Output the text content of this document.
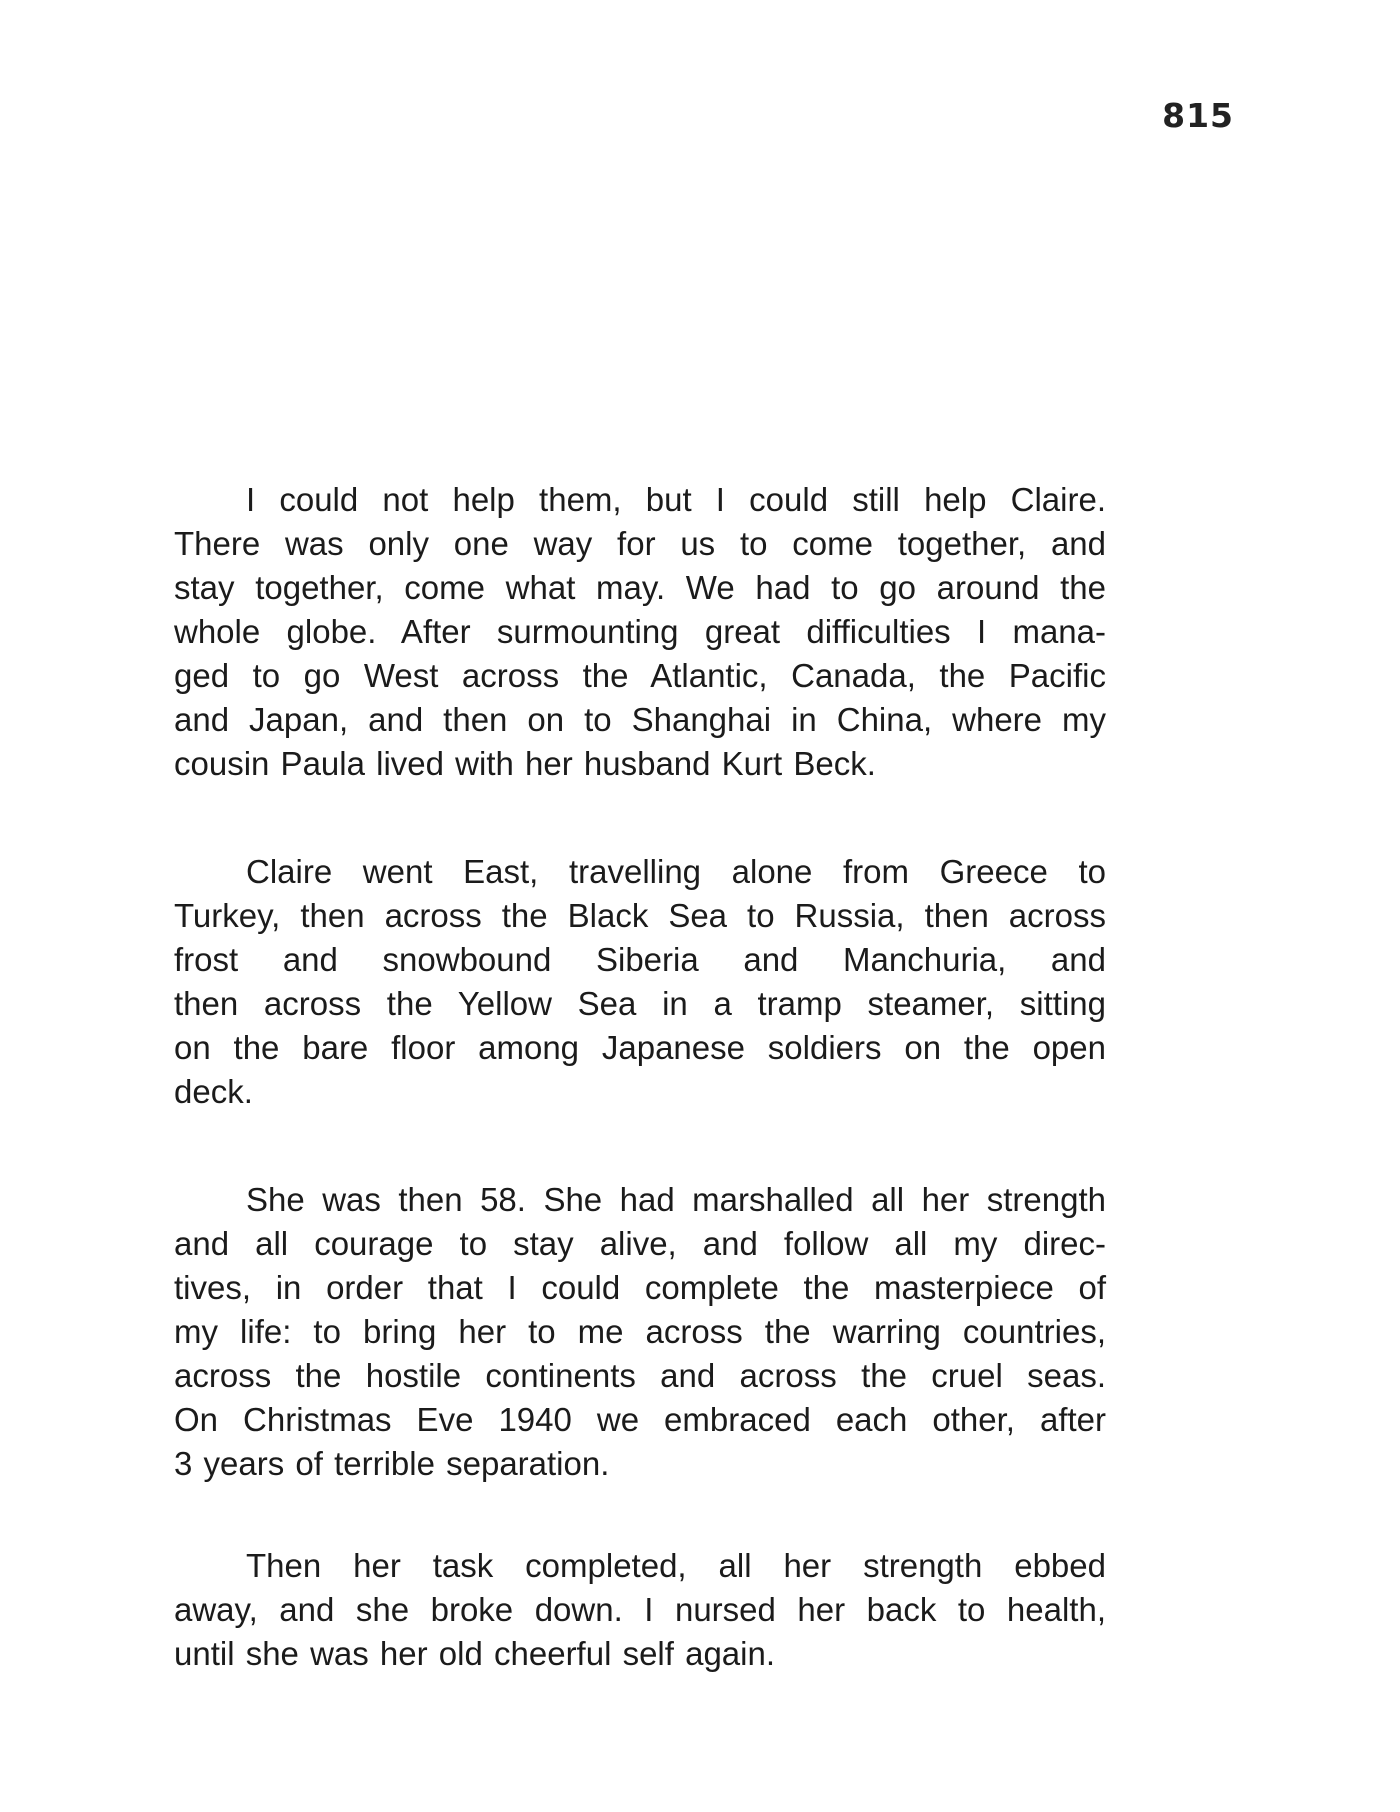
815
I could not help them, but I could still help Claire.
There was only one way for us to come together, and
stay together, come what may. We had to go around the
whole globe. After surmounting great difficulties I mana-
ged to go West across the Atlantic, Canada, the Pacific
and Japan, and then on to Shanghai in China, where my
cousin Paula lived with her husband Kurt Beck.
Claire went East, travelling alone from Greece to
Turkey, then across the Black Sea to Russia, then across
frost and snowbound Siberia and Manchuria, and
then across the Yellow Sea in a tramp steamer, sitting
on the bare floor among Japanese soldiers on the open
deck.
She was then 58. She had marshalled all her strength
and all courage to stay alive, and follow all my direc-
tives, in order that I could complete the masterpiece of
my life: to bring her to me across the warring countries,
across the hostile continents and across the cruel seas.
On Christmas Eve 1940 we embraced each other, after
3 years of terrible separation.
Then her task completed, all her strength ebbed
away, and she broke down. I nursed her back to health,
until she was her old cheerful self again.
